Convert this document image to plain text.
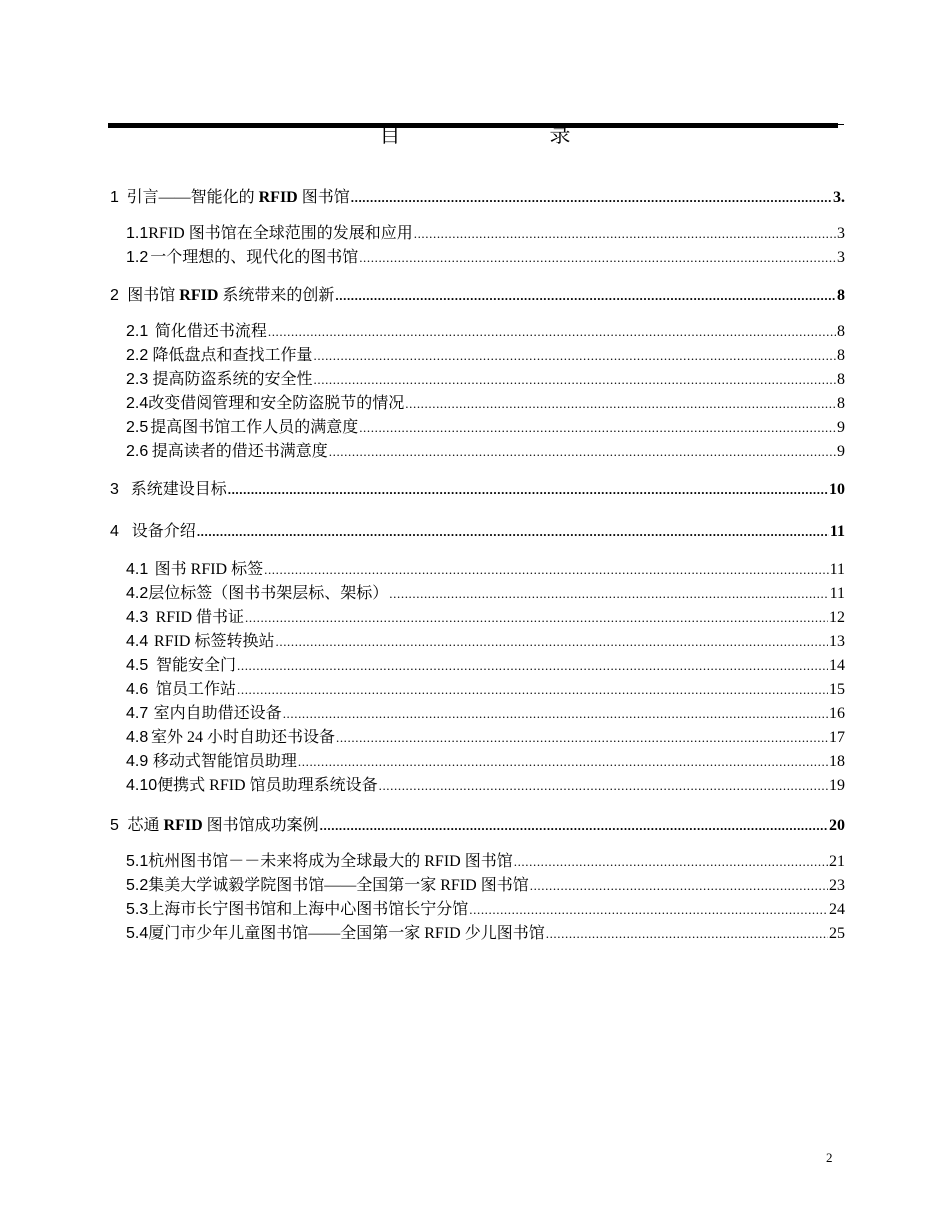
目　录
1 引言——智能化的 RFID 图书馆 .....	3.
1.1 RFID 图书馆在全球范围的发展和应用 .....	3
1.2 一个理想的、现代化的图书馆 .....	3
2 图书馆 RFID 系统带来的创新 .....	8
2.1 简化借还书流程 .....	8
2.2 降低盘点和查找工作量 .....	8
2.3 提高防盗系统的安全性 .....	8
2.4 改变借阅管理和安全防盗脱节的情况 .....	8
2.5 提高图书馆工作人员的满意度 .....	9
2.6 提高读者的借还书满意度 .....	9
3 系统建设目标 .....	10
4 设备介绍 .....	11
4.1 图书 RFID 标签 .....	11
4.2 层位标签（图书书架层标、架标） .....	11
4.3 RFID 借书证 .....	12
4.4 RFID 标签转换站 .....	13
4.5 智能安全门 .....	14
4.6 馆员工作站 .....	15
4.7 室内自助借还设备 .....	16
4.8 室外 24 小时自助还书设备 .....	17
4.9 移动式智能馆员助理 .....	18
4.10 便携式 RFID 馆员助理系统设备 .....	19
5 芯通 RFID 图书馆成功案例 .....	20
5.1 杭州图书馆－－未来将成为全球最大的 RFID 图书馆 .....	21
5.2 集美大学诚毅学院图书馆——全国第一家 RFID 图书馆 .....	23
5.3 上海市长宁图书馆和上海中心图书馆长宁分馆 .....	24
5.4 厦门市少年儿童图书馆——全国第一家 RFID 少儿图书馆 .....	25
2
